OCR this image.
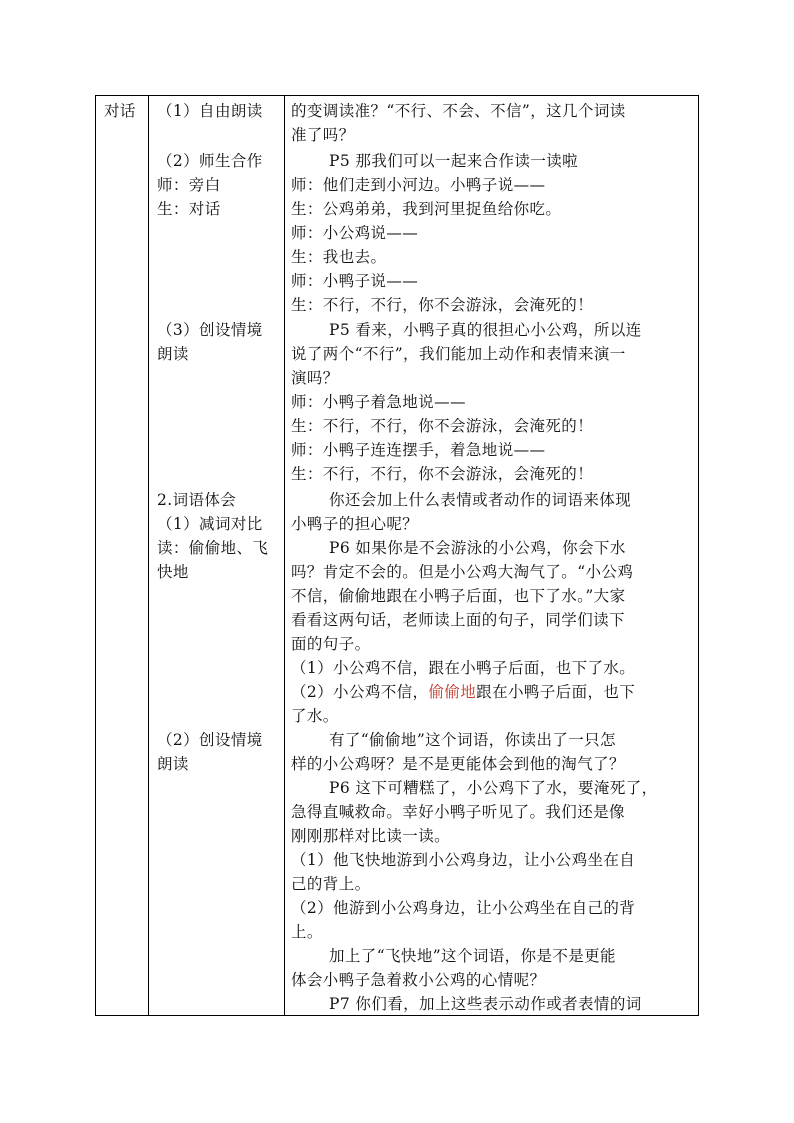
对话 （1）自由朗读
（2）师生合作
师：旁白
生：对话
（3）创设情境
朗读
2.词语体会
（1）减词对比
读：偷偷地、飞
快地
（2）创设情境
朗读
的变调读准？“不行、不会、不信”，这几个词读
准了吗？
P5 那我们可以一起来合作读一读啦
师：他们走到小河边。小鸭子说——
生：公鸡弟弟，我到河里捉鱼给你吃。
师：小公鸡说——
生：我也去。
师：小鸭子说——
生：不行，不行，你不会游泳，会淹死的！
P5 看来，小鸭子真的很担心小公鸡，所以连
说了两个“不行”，我们能加上动作和表情来演一
演吗？
师：小鸭子着急地说——
生：不行，不行，你不会游泳，会淹死的！
师：小鸭子连连摆手，着急地说——
生：不行，不行，你不会游泳，会淹死的！
你还会加上什么表情或者动作的词语来体现
小鸭子的担心呢？
P6 如果你是不会游泳的小公鸡，你会下水
吗？肯定不会的。但是小公鸡大淘气了。“小公鸡
不信，偷偷地跟在小鸭子后面，也下了水。”大家
看看这两句话，老师读上面的句子，同学们读下
面的句子。
（1）小公鸡不信，跟在小鸭子后面，也下了水。
（2）小公鸡不信，偷偷地跟在小鸭子后面，也下
了水。
有了“偷偷地”这个词语，你读出了一只怎
样的小公鸡呀？是不是更能体会到他的淘气了？
P6 这下可糟糕了，小公鸡下了水，要淹死了，
急得直喊救命。幸好小鸭子听见了。我们还是像
刚刚那样对比读一读。
（1）他飞快地游到小公鸡身边，让小公鸡坐在自
己的背上。
（2）他游到小公鸡身边，让小公鸡坐在自己的背
上。
加上了“飞快地”这个词语，你是不是更能
体会小鸭子急着救小公鸡的心情呢？
P7 你们看，加上这些表示动作或者表情的词
